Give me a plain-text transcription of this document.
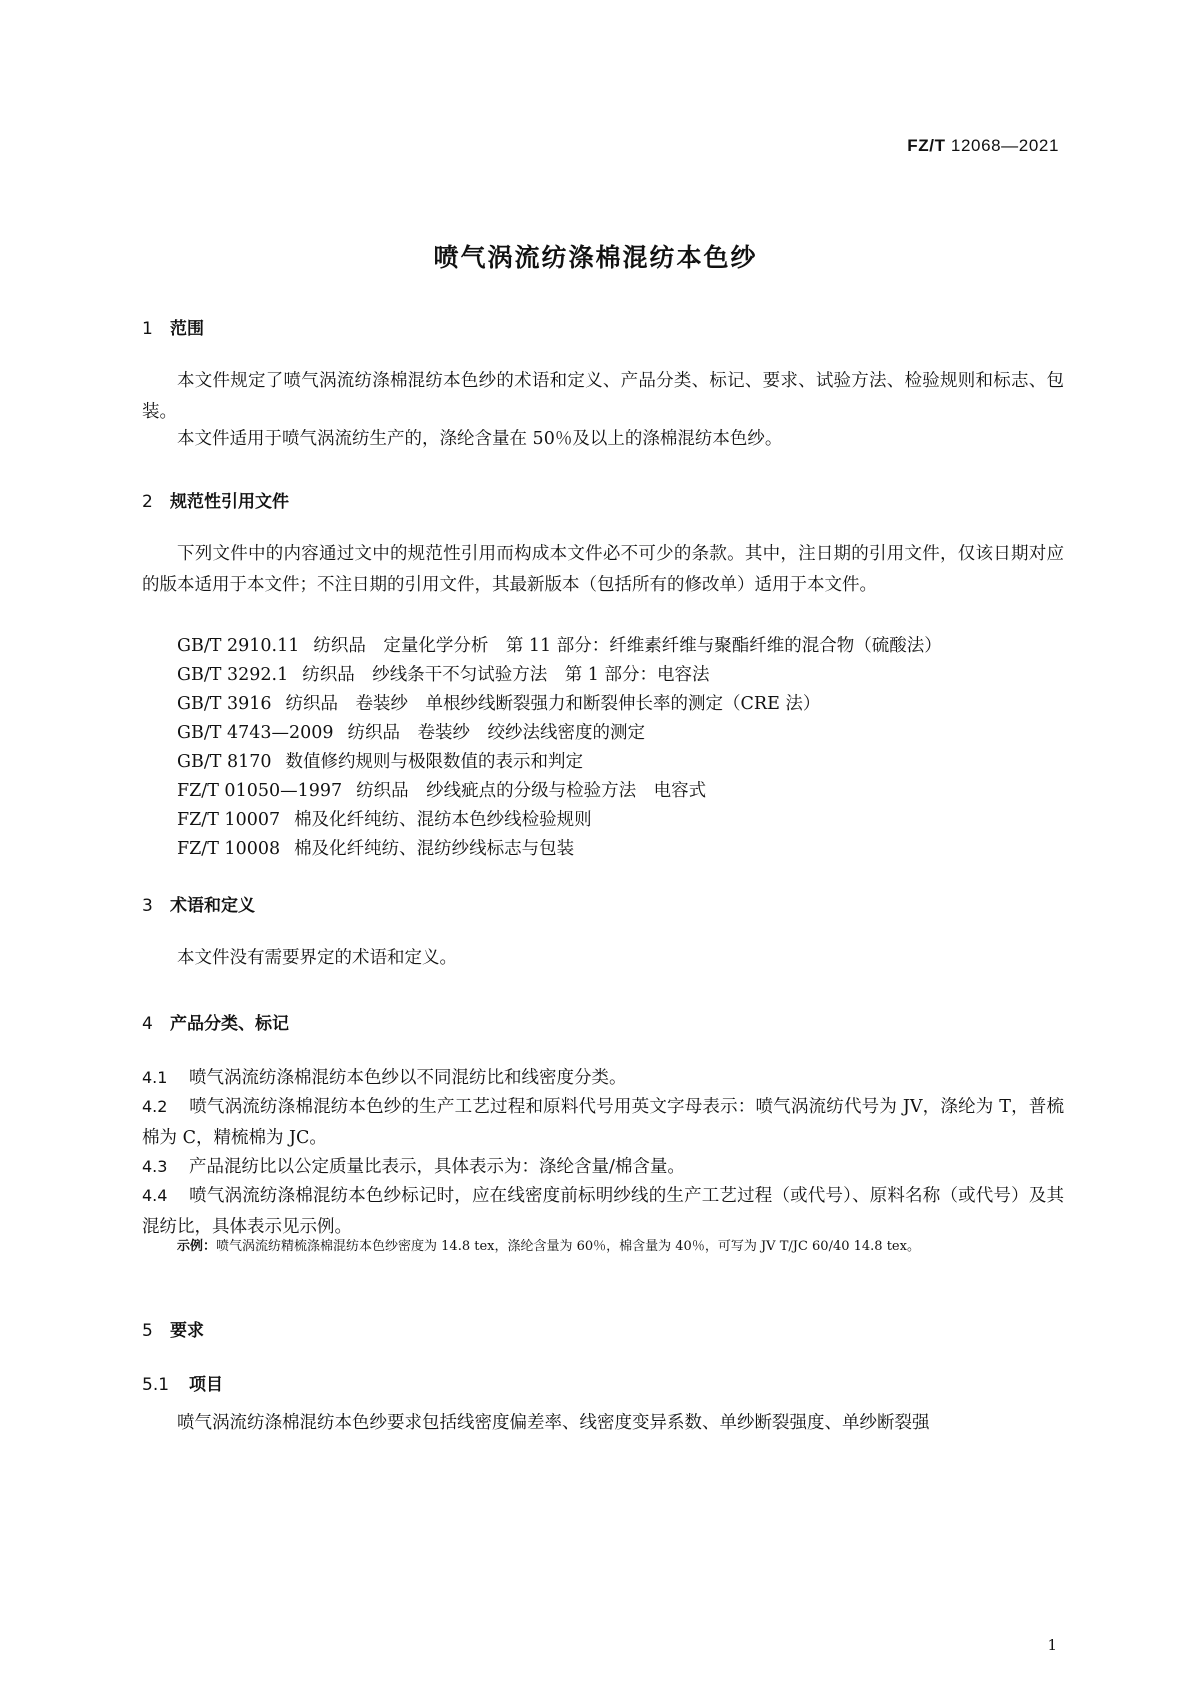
FZ/T 12068—2021
喷气涡流纺涤棉混纺本色纱
1 范围
本文件规定了喷气涡流纺涤棉混纺本色纱的术语和定义、产品分类、标记、要求、试验方法、检验规则和标志、包装。
本文件适用于喷气涡流纺生产的，涤纶含量在 50％及以上的涤棉混纺本色纱。
2 规范性引用文件
下列文件中的内容通过文中的规范性引用而构成本文件必不可少的条款。其中，注日期的引用文件，仅该日期对应的版本适用于本文件；不注日期的引用文件，其最新版本（包括所有的修改单）适用于本文件。
GB/T 2910.11 纺织品　定量化学分析　第 11 部分：纤维素纤维与聚酯纤维的混合物（硫酸法）
GB/T 3292.1 纺织品　纱线条干不匀试验方法　第 1 部分：电容法
GB/T 3916 纺织品　卷装纱　单根纱线断裂强力和断裂伸长率的测定（CRE 法）
GB/T 4743—2009 纺织品　卷装纱　绞纱法线密度的测定
GB/T 8170 数值修约规则与极限数值的表示和判定
FZ/T 01050—1997 纺织品　纱线疵点的分级与检验方法　电容式
FZ/T 10007 棉及化纤纯纺、混纺本色纱线检验规则
FZ/T 10008 棉及化纤纯纺、混纺纱线标志与包装
3 术语和定义
本文件没有需要界定的术语和定义。
4 产品分类、标记
4.1 喷气涡流纺涤棉混纺本色纱以不同混纺比和线密度分类。
4.2 喷气涡流纺涤棉混纺本色纱的生产工艺过程和原料代号用英文字母表示：喷气涡流纺代号为 JV，涤纶为 T，普梳棉为 C，精梳棉为 JC。
4.3 产品混纺比以公定质量比表示，具体表示为：涤纶含量/棉含量。
4.4 喷气涡流纺涤棉混纺本色纱标记时，应在线密度前标明纱线的生产工艺过程（或代号）、原料名称（或代号）及其混纺比，具体表示见示例。
示例：喷气涡流纺精梳涤棉混纺本色纱密度为 14.8 tex，涤纶含量为 60％，棉含量为 40％，可写为 JV T/JC 60/40 14.8 tex。
5 要求
5.1 项目
喷气涡流纺涤棉混纺本色纱要求包括线密度偏差率、线密度变异系数、单纱断裂强度、单纱断裂强
1
